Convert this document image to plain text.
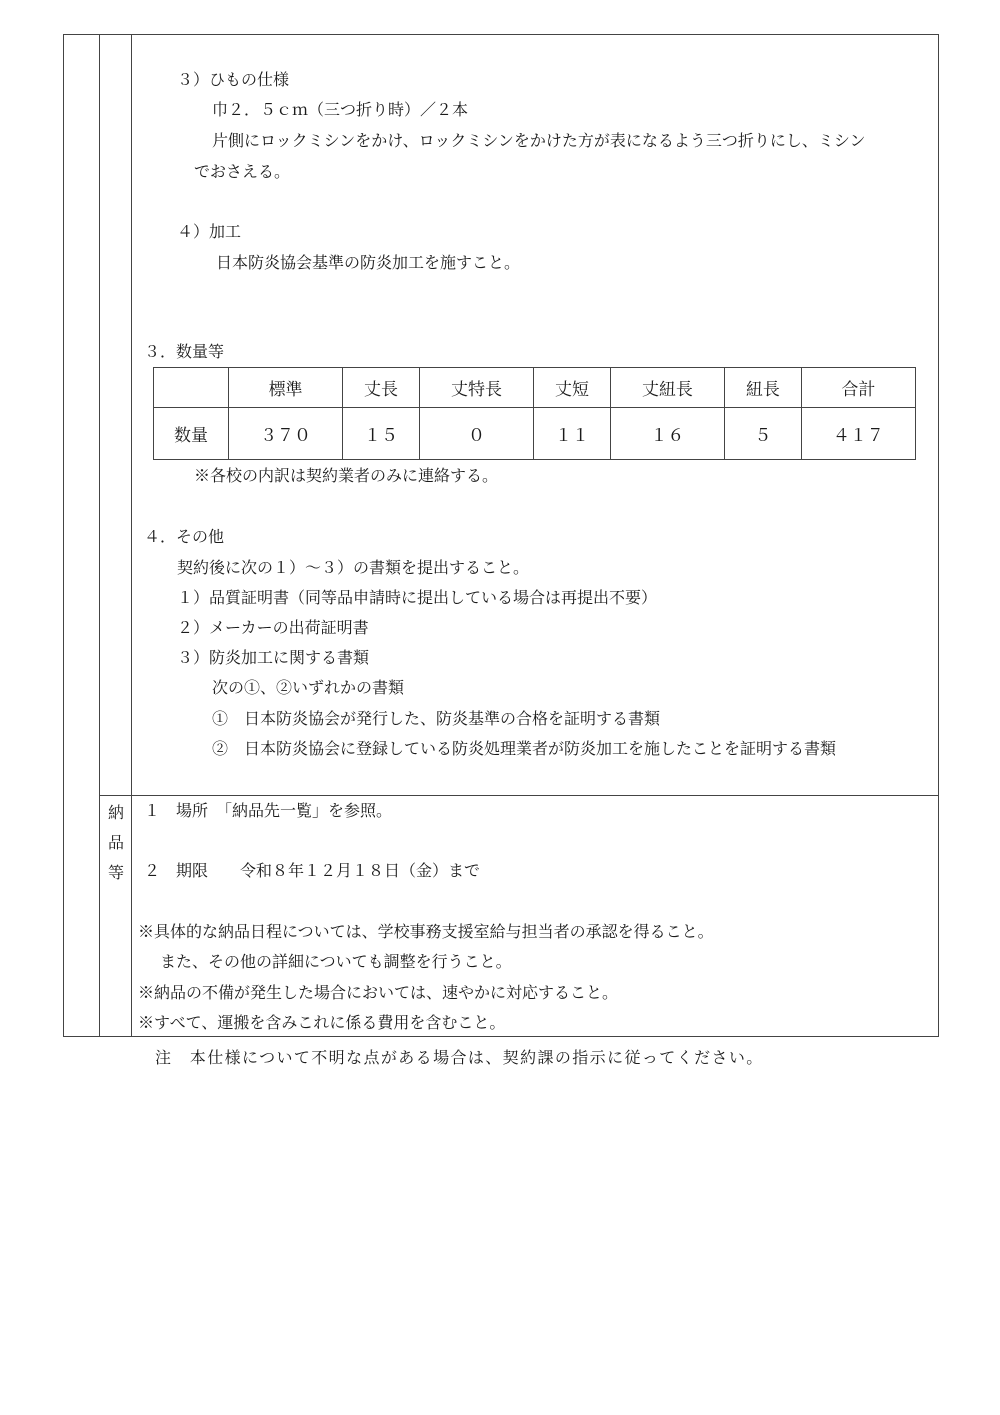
３）ひもの仕様
巾２．５ｃｍ（三つ折り時）／２本
片側にロックミシンをかけ、ロックミシンをかけた方が表になるよう三つ折りにし、ミシン
でおさえる。
４）加工
日本防炎協会基準の防炎加工を施すこと。
３．数量等
	標準	丈長	丈特長	丈短	丈紐長	紐長	合計
数量	３７０	１５	０	１１	１６	５	４１７
※各校の内訳は契約業者のみに連絡する。
４．その他
契約後に次の１）～３）の書類を提出すること。
１）品質証明書（同等品申請時に提出している場合は再提出不要）
２）メーカーの出荷証明書
３）防炎加工に関する書類
次の①、②いずれかの書類
①　日本防炎協会が発行した、防炎基準の合格を証明する書類
②　日本防炎協会に登録している防炎処理業者が防炎加工を施したことを証明する書類
納
品
等
１　場所　「納品先一覧」を参照。
２　期限　　令和８年１２月１８日（金）まで
※具体的な納品日程については、学校事務支援室給与担当者の承認を得ること。
また、その他の詳細についても調整を行うこと。
※納品の不備が発生した場合においては、速やかに対応すること。
※すべて、運搬を含みこれに係る費用を含むこと。
注　本仕様について不明な点がある場合は、契約課の指示に従ってください。
